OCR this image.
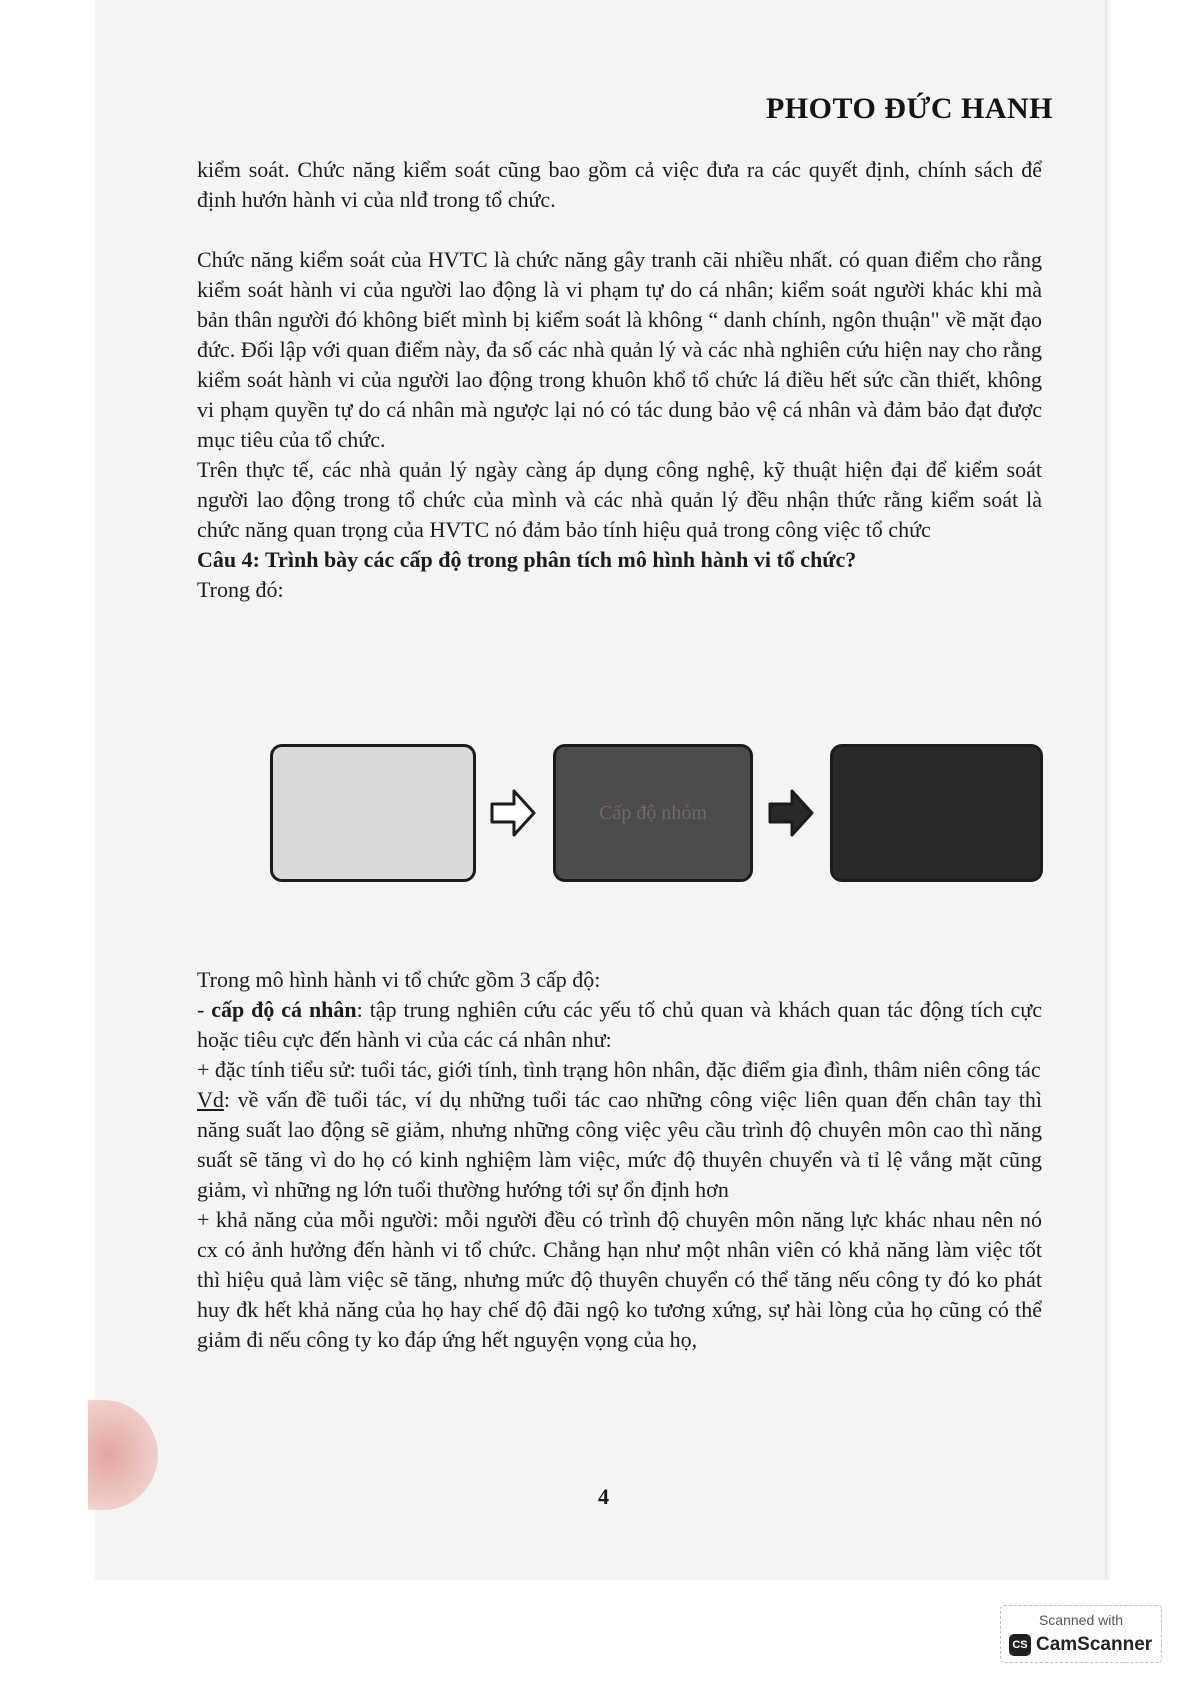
PHOTO ĐỨC HANH

kiểm soát. Chức năng kiểm soát cũng bao gồm cả việc đưa ra các quyết định, chính sách để định hướn hành vi của nlđ trong tổ chức.

Chức năng kiểm soát của HVTC là chức năng gây tranh cãi nhiều nhất. có quan điểm cho rằng kiểm soát hành vi của người lao động là vi phạm tự do cá nhân; kiểm soát người khác khi mà bản thân người đó không biết mình bị kiểm soát là không “ danh chính, ngôn thuận" về mặt đạo đức. Đối lập với quan điểm này, đa số các nhà quản lý và các nhà nghiên cứu hiện nay cho rằng kiểm soát hành vi của người lao động trong khuôn khổ tổ chức lá điều hết sức cần thiết, không vi phạm quyền tự do cá nhân mà ngược lại nó có tác dung bảo vệ cá nhân và đảm bảo đạt được mục tiêu của tổ chức.

Trên thực tế, các nhà quản lý ngày càng áp dụng công nghệ, kỹ thuật hiện đại để kiểm soát người lao động trong tổ chức của mình và các nhà quản lý đều nhận thức rằng kiểm soát là chức năng quan trọng của HVTC nó đảm bảo tính hiệu quả trong công việc tổ chức

Câu 4: Trình bày các cấp độ trong phân tích mô hình hành vi tổ chức?

Trong đó:

Cấp độ nhóm

Trong mô hình hành vi tổ chức gồm 3 cấp độ:

- cấp độ cá nhân: tập trung nghiên cứu các yếu tố chủ quan và khách quan tác động tích cực hoặc tiêu cực đến hành vi của các cá nhân như:

+ đặc tính tiểu sử: tuổi tác, giới tính, tình trạng hôn nhân, đặc điểm gia đình, thâm niên công tác

Vd: về vấn đề tuổi tác, ví dụ những tuổi tác cao những công việc liên quan đến chân tay thì năng suất lao động sẽ giảm, nhưng những công việc yêu cầu trình độ chuyên môn cao thì năng suất sẽ tăng vì do họ có kinh nghiệm làm việc, mức độ thuyên chuyển và tỉ lệ vắng mặt cũng giảm, vì những ng lớn tuổi thường hướng tới sự ổn định hơn

+ khả năng của mỗi người: mỗi người đều có trình độ chuyên môn năng lực khác nhau nên nó cx có ảnh hưởng đến hành vi tổ chức. Chẳng hạn như một nhân viên có khả năng làm việc tốt thì hiệu quả làm việc sẽ tăng, nhưng mức độ thuyên chuyển có thể tăng nếu công ty đó ko phát huy đk hết khả năng của họ hay chế độ đãi ngộ ko tương xứng, sự hài lòng của họ cũng có thể giảm đi nếu công ty ko đáp ứng hết nguyện vọng của họ,

4
Scanned with
CS CamScanner
